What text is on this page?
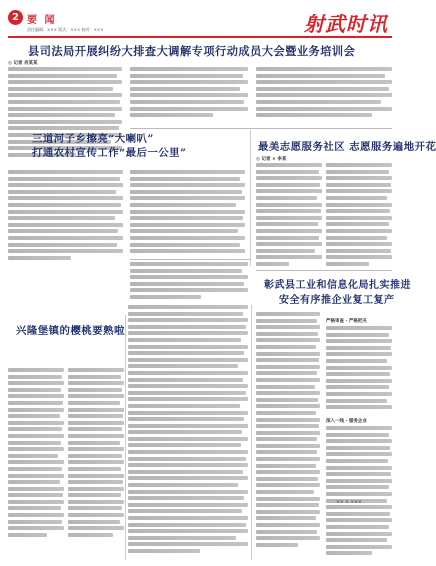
2 要 闻
责任编辑：××× 版式：××× 校对：×××	射武时讯
县司法局开展纠纷大排查大调解专项行动成员大会暨业务培训会
◎ 记者 肖某某
三道河子乡擦亮“大喇叭”
打通农村宣传工作“最后一公里”	最美志愿服务社区 志愿服务遍地开花
◎ 记者 × 李某
彰武县工业和信息化局扎实推进
安全有序推企业复工复产
兴隆堡镇的樱桃要熟啦
严格审查 · 严格把关
深入一线 · 服务企业
×× × ×××
